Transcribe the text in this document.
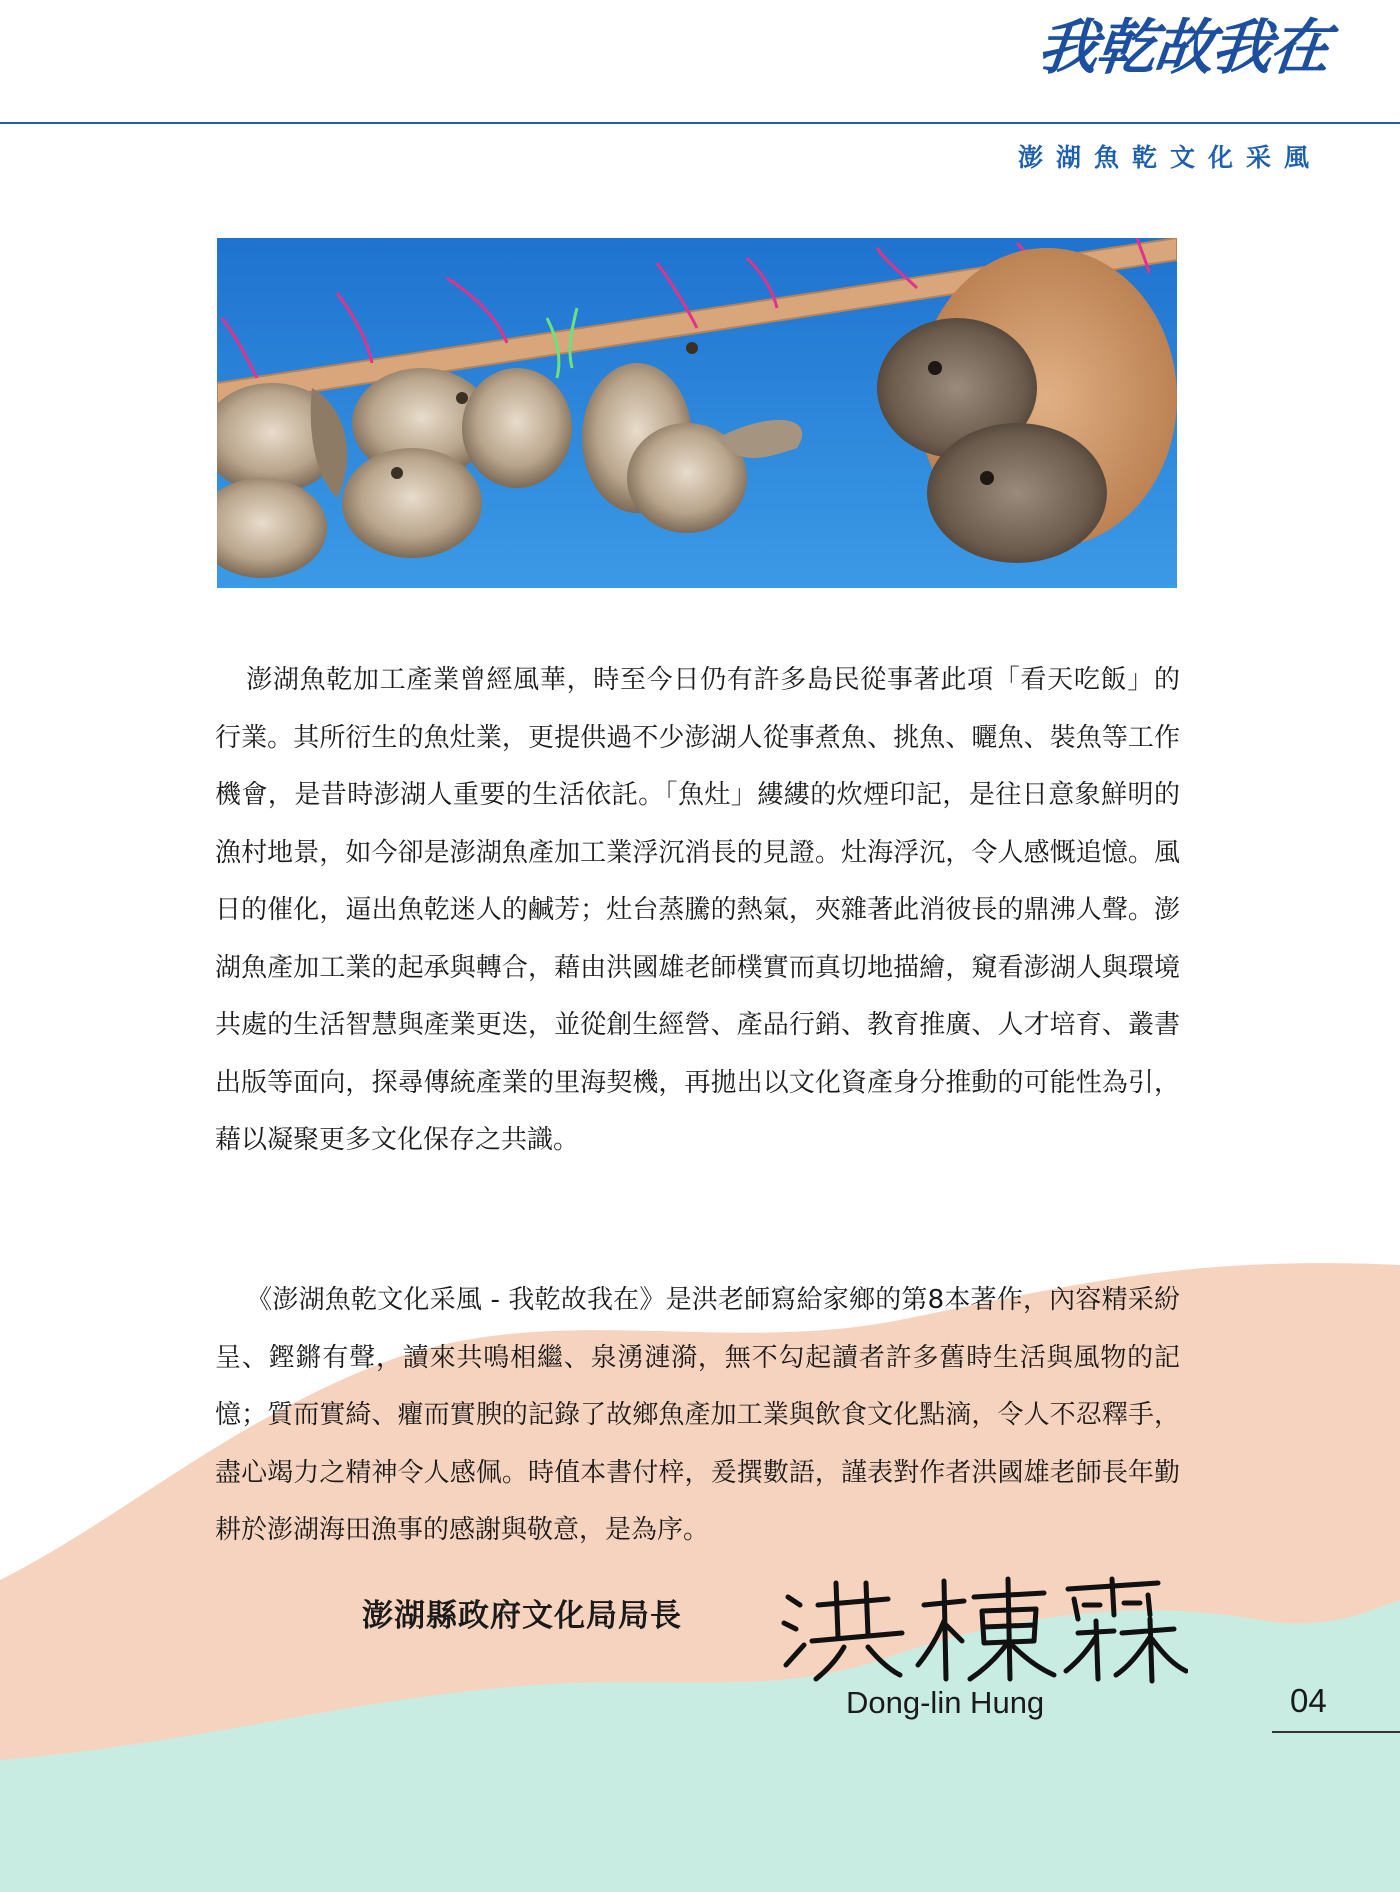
我乾故我在
澎湖魚乾文化采風

澎湖魚乾加工產業曾經風華，時至今日仍有許多島民從事著此項「看天吃飯」的行業。其所衍生的魚灶業，更提供過不少澎湖人從事煮魚、挑魚、曬魚、裝魚等工作機會，是昔時澎湖人重要的生活依託。「魚灶」縷縷的炊煙印記，是往日意象鮮明的漁村地景，如今卻是澎湖魚產加工業浮沉消長的見證。灶海浮沉，令人感慨追憶。風日的催化，逼出魚乾迷人的鹹芳；灶台蒸騰的熱氣，夾雜著此消彼長的鼎沸人聲。澎湖魚產加工業的起承與轉合，藉由洪國雄老師樸實而真切地描繪，窺看澎湖人與環境共處的生活智慧與產業更迭，並從創生經營、產品行銷、教育推廣、人才培育、叢書出版等面向，探尋傳統產業的里海契機，再拋出以文化資產身分推動的可能性為引，藉以凝聚更多文化保存之共識。

《澎湖魚乾文化采風 - 我乾故我在》是洪老師寫給家鄉的第8本著作，內容精采紛呈、鏗鏘有聲，讀來共鳴相繼、泉湧漣漪，無不勾起讀者許多舊時生活與風物的記憶；質而實綺、癯而實腴的記錄了故鄉魚產加工業與飲食文化點滴，令人不忍釋手，盡心竭力之精神令人感佩。時值本書付梓，爰撰數語，謹表對作者洪國雄老師長年勤耕於澎湖海田漁事的感謝與敬意，是為序。

澎湖縣政府文化局局長
Dong-lin Hung	04
